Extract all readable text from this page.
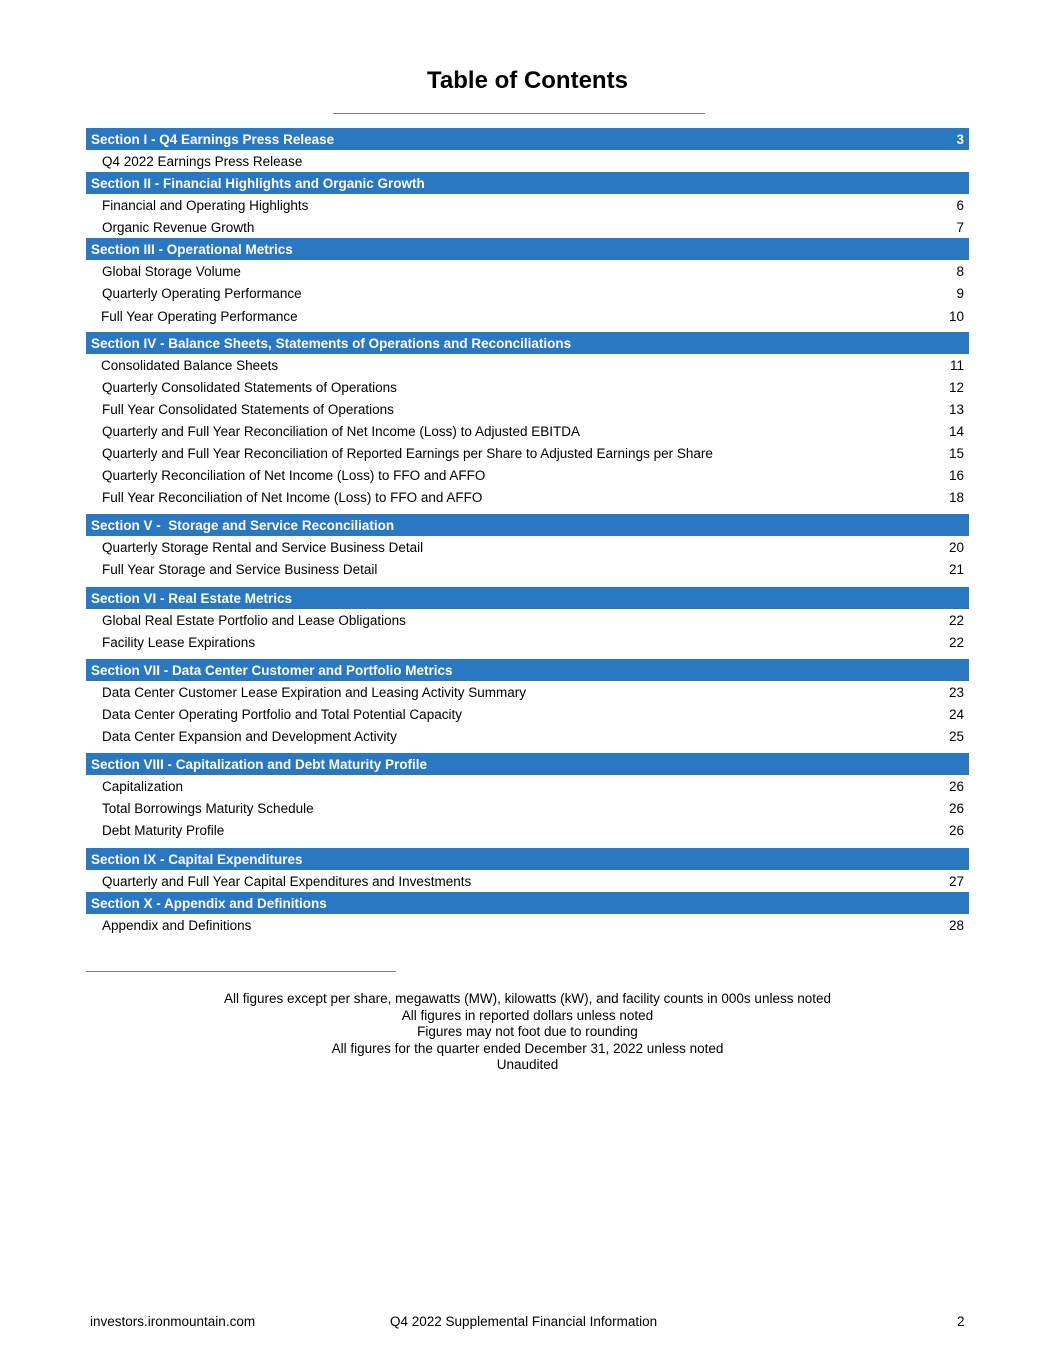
Table of Contents
Section I - Q4 Earnings Press Release	3
Q4 2022 Earnings Press Release
Section II - Financial Highlights and Organic Growth
Financial and Operating Highlights	6
Organic Revenue Growth	7
Section III - Operational Metrics
Global Storage Volume	8
Quarterly Operating Performance	9
Full Year Operating Performance	10
Section IV - Balance Sheets, Statements of Operations and Reconciliations
Consolidated Balance Sheets	11
Quarterly Consolidated Statements of Operations	12
Full Year Consolidated Statements of Operations	13
Quarterly and Full Year Reconciliation of Net Income (Loss) to Adjusted EBITDA	14
Quarterly and Full Year Reconciliation of Reported Earnings per Share to Adjusted Earnings per Share	15
Quarterly Reconciliation of Net Income (Loss) to FFO and AFFO	16
Full Year Reconciliation of Net Income (Loss) to FFO and AFFO	18
Section V -  Storage and Service Reconciliation
Quarterly Storage Rental and Service Business Detail	20
Full Year Storage and Service Business Detail	21
Section VI - Real Estate Metrics
Global Real Estate Portfolio and Lease Obligations	22
Facility Lease Expirations	22
Section VII - Data Center Customer and Portfolio Metrics
Data Center Customer Lease Expiration and Leasing Activity Summary	23
Data Center Operating Portfolio and Total Potential Capacity	24
Data Center Expansion and Development Activity	25
Section VIII - Capitalization and Debt Maturity Profile
Capitalization	26
Total Borrowings Maturity Schedule	26
Debt Maturity Profile	26
Section IX - Capital Expenditures
Quarterly and Full Year Capital Expenditures and Investments	27
Section X - Appendix and Definitions
Appendix and Definitions	28
All figures except per share, megawatts (MW), kilowatts (kW), and facility counts in 000s unless noted
All figures in reported dollars unless noted
Figures may not foot due to rounding
All figures for the quarter ended December 31, 2022 unless noted
Unaudited
investors.ironmountain.com	Q4 2022 Supplemental Financial Information	2
